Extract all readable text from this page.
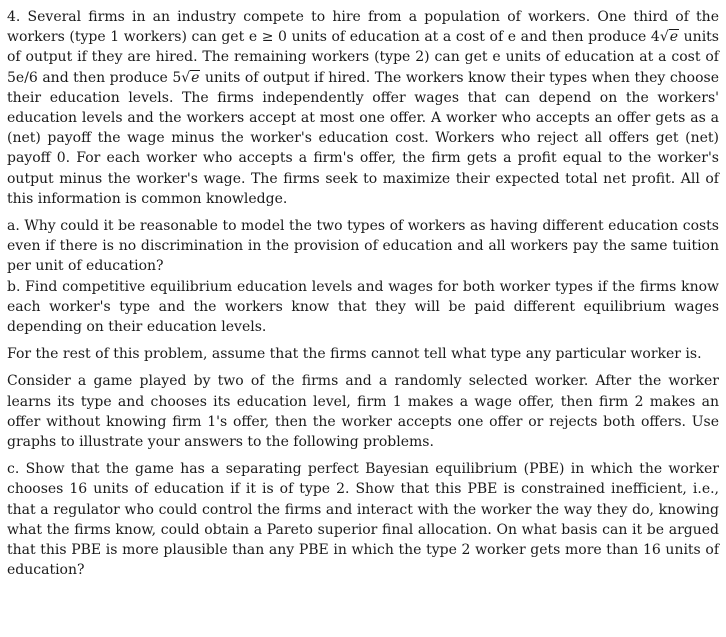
4. Several firms in an industry compete to hire from a population of workers. One third of the workers (type 1 workers) can get e ≥ 0 units of education at a cost of e and then produce 4√e units of output if they are hired. The remaining workers (type 2) can get e units of education at a cost of 5e/6 and then produce 5√e units of output if hired. The workers know their types when they choose their education levels. The firms independently offer wages that can depend on the workers' education levels and the workers accept at most one offer. A worker who accepts an offer gets as a (net) payoff the wage minus the worker's education cost. Workers who reject all offers get (net) payoff 0. For each worker who accepts a firm's offer, the firm gets a profit equal to the worker's output minus the worker's wage. The firms seek to maximize their expected total net profit. All of this information is common knowledge.

a. Why could it be reasonable to model the two types of workers as having different education costs even if there is no discrimination in the provision of education and all workers pay the same tuition per unit of education?

b. Find competitive equilibrium education levels and wages for both worker types if the firms know each worker's type and the workers know that they will be paid different equilibrium wages depending on their education levels.

For the rest of this problem, assume that the firms cannot tell what type any particular worker is.

Consider a game played by two of the firms and a randomly selected worker. After the worker learns its type and chooses its education level, firm 1 makes a wage offer, then firm 2 makes an offer without knowing firm 1's offer, then the worker accepts one offer or rejects both offers. Use graphs to illustrate your answers to the following problems.

c. Show that the game has a separating perfect Bayesian equilibrium (PBE) in which the worker chooses 16 units of education if it is of type 2. Show that this PBE is constrained inefficient, i.e., that a regulator who could control the firms and interact with the worker the way they do, knowing what the firms know, could obtain a Pareto superior final allocation. On what basis can it be argued that this PBE is more plausible than any PBE in which the type 2 worker gets more than 16 units of education?
